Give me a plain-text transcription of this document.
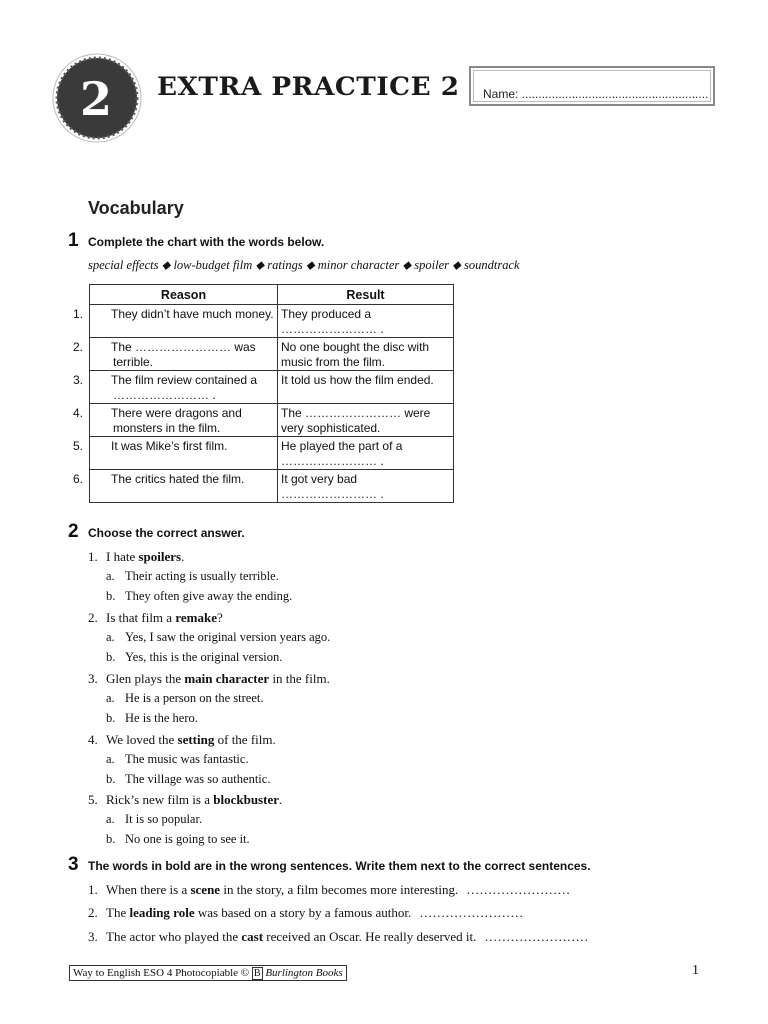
2 EXTRA PRACTICE 2 Name: ........................................................
Vocabulary
1 Complete the chart with the words below.
special effects ⬥ low-budget film ⬥ ratings ⬥ minor character ⬥ spoiler ⬥ soundtrack
Reason	Result

1. They didn’t have much money.	They produced a …………………… .

2. The …………………… was terrible.	No one bought the disc with music from the film.

3. The film review contained a …………………… .	It told us how the film ended.

4. There were dragons and monsters in the film.	The …………………… were very sophisticated.

5. It was Mike’s first film.	He played the part of a …………………… .

6. The critics hated the film.	It got very bad …………………… .
2 Choose the correct answer.
1. I hate spoilers.
a. Their acting is usually terrible.
b. They often give away the ending.
2. Is that film a remake?
a. Yes, I saw the original version years ago.
b. Yes, this is the original version.
3. Glen plays the main character in the film.
a. He is a person on the street.
b. He is the hero.
4. We loved the setting of the film.
a. The music was fantastic.
b. The village was so authentic.
5. Rick’s new film is a blockbuster.
a. It is so popular.
b. No one is going to see it.
3 The words in bold are in the wrong sentences. Write them next to the correct sentences.
1. When there is a scene in the story, a film becomes more interesting. ……………………
2. The leading role was based on a story by a famous author. ……………………
3. The actor who played the cast received an Oscar. He really deserved it. ……………………
Way to English ESO 4 Photocopiable © B Burlington Books	1
